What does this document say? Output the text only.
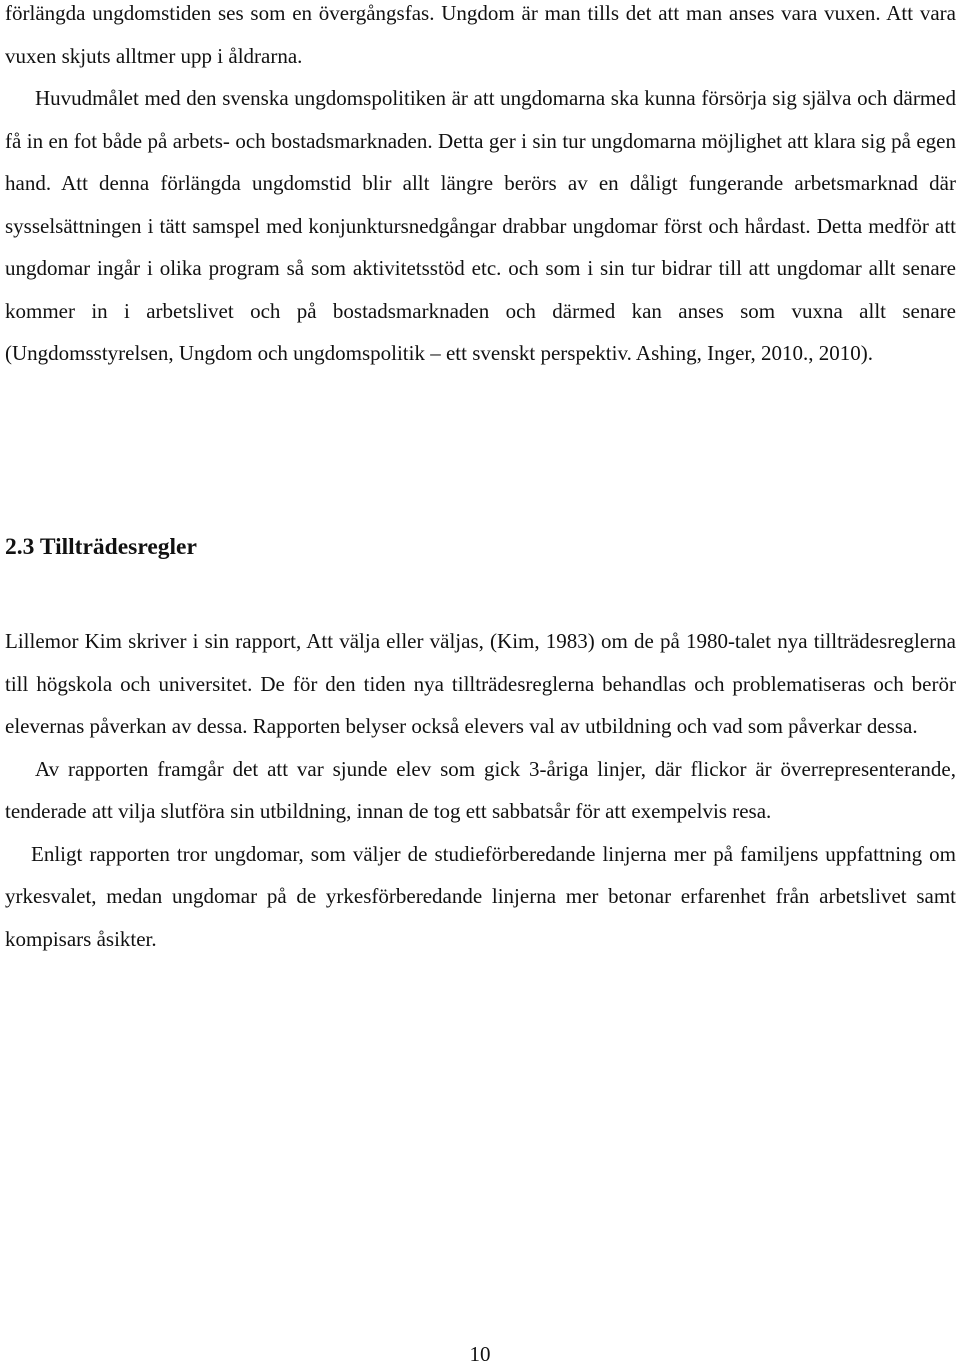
förlängda ungdomstiden ses som en övergångsfas. Ungdom är man tills det att man anses vara vuxen. Att vara vuxen skjuts alltmer upp i åldrarna.

Huvudmålet med den svenska ungdomspolitiken är att ungdomarna ska kunna försörja sig själva och därmed få in en fot både på arbets- och bostadsmarknaden. Detta ger i sin tur ungdomarna möjlighet att klara sig på egen hand. Att denna förlängda ungdomstid blir allt längre berörs av en dåligt fungerande arbetsmarknad där sysselsättningen i tätt samspel med konjunktursnedgångar drabbar ungdomar först och hårdast. Detta medför att ungdomar ingår i olika program så som aktivitetsstöd etc. och som i sin tur bidrar till att ungdomar allt senare kommer in i arbetslivet och på bostadsmarknaden och därmed kan anses som vuxna allt senare (Ungdomsstyrelsen, Ungdom och ungdomspolitik – ett svenskt perspektiv. Ashing, Inger, 2010., 2010).

2.3 Tillträdesregler

Lillemor Kim skriver i sin rapport, Att välja eller väljas, (Kim, 1983) om de på 1980-talet nya tillträdesreglerna till högskola och universitet. De för den tiden nya tillträdesreglerna behandlas och problematiseras och berör elevernas påverkan av dessa. Rapporten belyser också elevers val av utbildning och vad som påverkar dessa.

Av rapporten framgår det att var sjunde elev som gick 3-åriga linjer, där flickor är överrepresenterande, tenderade att vilja slutföra sin utbildning, innan de tog ett sabbatsår för att exempelvis resa.

Enligt rapporten tror ungdomar, som väljer de studieförberedande linjerna mer på familjens uppfattning om yrkesvalet, medan ungdomar på de yrkesförberedande linjerna mer betonar erfarenhet från arbetslivet samt kompisars åsikter.

10
